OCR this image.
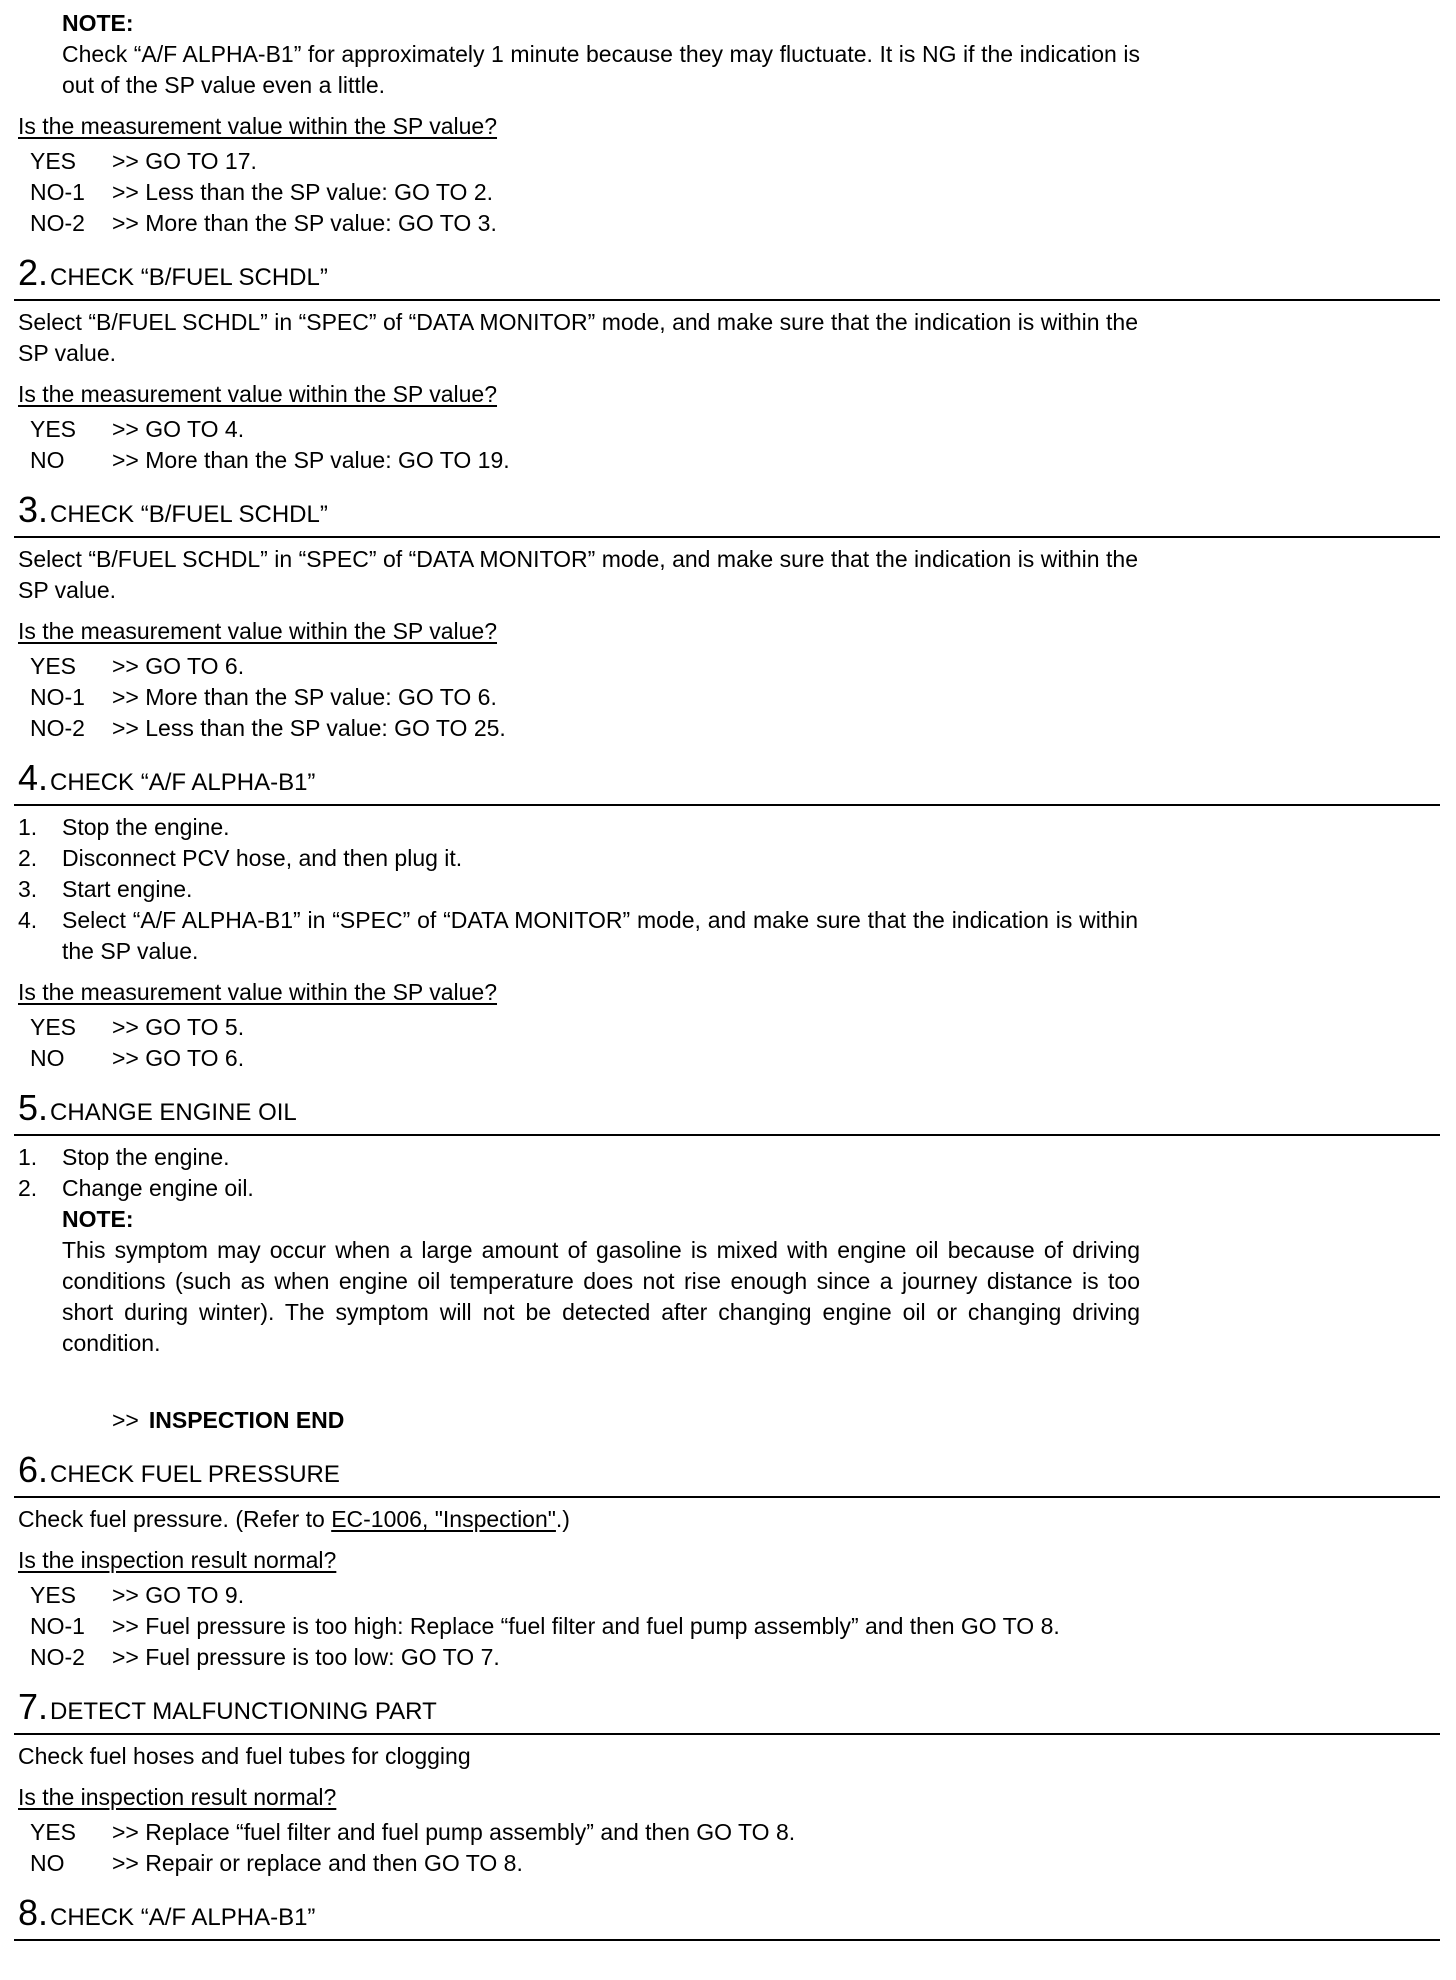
NOTE:
Check “A/F ALPHA-B1” for approximately 1 minute because they may fluctuate. It is NG if the indication is out of the SP value even a little.
Is the measurement value within the SP value?
YES	>> GO TO 17.
NO-1	>> Less than the SP value: GO TO 2.
NO-2	>> More than the SP value: GO TO 3.
2. CHECK “B/FUEL SCHDL”
Select “B/FUEL SCHDL” in “SPEC” of “DATA MONITOR” mode, and make sure that the indication is within the SP value.
Is the measurement value within the SP value?
YES	>> GO TO 4.
NO	>> More than the SP value: GO TO 19.
3. CHECK “B/FUEL SCHDL”
Select “B/FUEL SCHDL” in “SPEC” of “DATA MONITOR” mode, and make sure that the indication is within the SP value.
Is the measurement value within the SP value?
YES	>> GO TO 6.
NO-1	>> More than the SP value: GO TO 6.
NO-2	>> Less than the SP value: GO TO 25.
4. CHECK “A/F ALPHA-B1”
1.	Stop the engine.
2.	Disconnect PCV hose, and then plug it.
3.	Start engine.
4.	Select “A/F ALPHA-B1” in “SPEC” of “DATA MONITOR” mode, and make sure that the indication is within the SP value.
Is the measurement value within the SP value?
YES	>> GO TO 5.
NO	>> GO TO 6.
5. CHANGE ENGINE OIL
1.	Stop the engine.
2.	Change engine oil.
NOTE:
This symptom may occur when a large amount of gasoline is mixed with engine oil because of driving conditions (such as when engine oil temperature does not rise enough since a journey distance is too short during winter). The symptom will not be detected after changing engine oil or changing driving condition.
>> INSPECTION END
6. CHECK FUEL PRESSURE
Check fuel pressure. (Refer to EC-1006, "Inspection".)
Is the inspection result normal?
YES	>> GO TO 9.
NO-1	>> Fuel pressure is too high: Replace “fuel filter and fuel pump assembly” and then GO TO 8.
NO-2	>> Fuel pressure is too low: GO TO 7.
7. DETECT MALFUNCTIONING PART
Check fuel hoses and fuel tubes for clogging
Is the inspection result normal?
YES	>> Replace “fuel filter and fuel pump assembly” and then GO TO 8.
NO	>> Repair or replace and then GO TO 8.
8. CHECK “A/F ALPHA-B1”
